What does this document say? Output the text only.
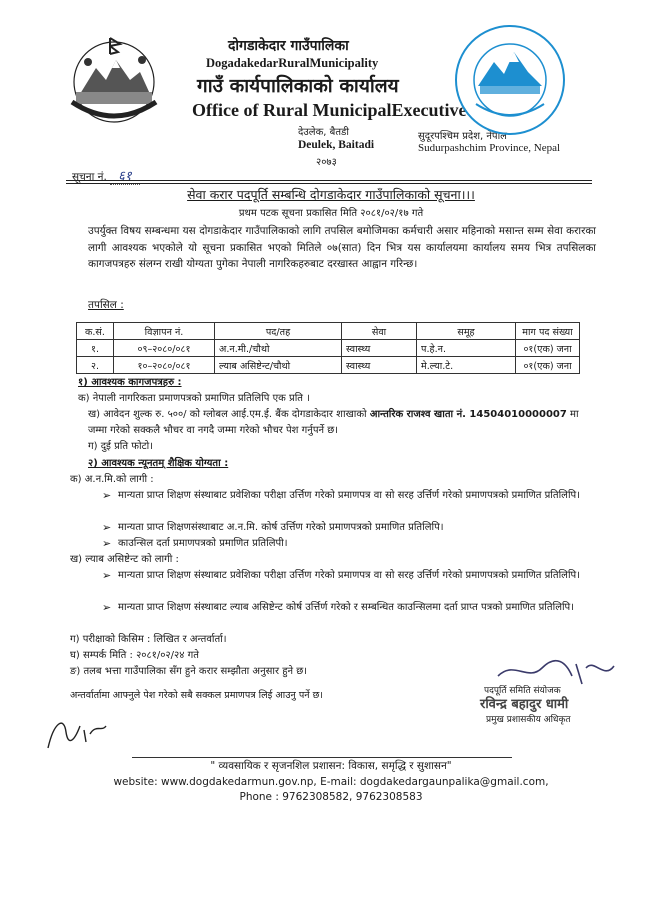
दोगडाकेदार गाउँपालिका
DogadakedarRuralMunicipality
गाउँ कार्यपालिकाको कार्यालय
Office of Rural MunicipalExecutive
देउलेक, बैतडी
Deulek, Baitadi
२०७३
सुदूरपश्चिम प्रदेश, नेपाल
Sudurpashchim Province, Nepal
सूचना नं. ६१
सेवा करार पदपूर्ति सम्बन्धि दोगडाकेदार गाउँपालिकाको सूचना।।।
प्रथम पटक सूचना प्रकासित मिति २०८१/०२/१७ गते
उपर्युक्त विषय सम्बन्धमा यस दोगडाकेदार गाउँपालिकाको लागि तपसिल बमोजिमका कर्मचारी असार महिनाको मसान्त सम्म सेवा करारका लागी आवश्यक भएकोले यो सूचना प्रकासित भएको मितिले ०७(सात) दिन भित्र यस कार्यालयमा कार्यालय समय भित्र तपसिलका कागजपत्रहरु संलग्न राखी योग्यता पुगेका नेपाली नागरिकहरुबाट दरखास्त आह्वान गरिन्छ।
तपसिल :
क.सं.	विज्ञापन नं.	पद/तह	सेवा	समूह	माग पद संख्या
१.	०९–२०८०/०८१	अ.न.मी./चौथो	स्वास्थ्य	प.हे.न.	०१(एक) जना
२.	१०–२०८०/०८१	ल्याब असिष्टेन्ट/चौथो	स्वास्थ्य	मे.ल्या.टे.	०१(एक) जना
१) आवश्यक कागजपत्रहरु :
क) नेपाली नागरिकता प्रमाणपत्रको प्रमाणित प्रतिलिपि एक प्रति ।
ख) आवेदन शुल्क रु. ५००/ को ग्लोबल आई.एम.ई. बैंक दोगडाकेदार शाखाको आन्तरिक राजश्व खाता नं. 14504010000007 मा जम्मा गरेको सक्कलै भौचर वा नगदै जम्मा गरेको भौचर पेश गर्नुपर्ने छ।
ग) दुई प्रति फोटो।
२) आवश्यक न्यूनतम् शैक्षिक योग्यता :
क) अ.न.मि.को लागी :
➢ मान्यता प्राप्त शिक्षण संस्थाबाट प्रवेशिका परीक्षा उर्त्तिण गरेको प्रमाणपत्र वा सो सरह उर्त्तिर्ण गरेको प्रमाणपत्रको प्रमाणित प्रतिलिपि।
➢ मान्यता प्राप्त शिक्षणसंस्थाबाट अ.न.मि. कोर्ष उर्त्तिण गरेको प्रमाणपत्रको प्रमाणित प्रतिलिपि।
➢ काउन्सिल दर्ता प्रमाणपत्रको प्रमाणित प्रतिलिपी।
ख) ल्याब असिष्टेन्ट को लागी :
➢ मान्यता प्राप्त शिक्षण संस्थाबाट प्रवेशिका परीक्षा उर्त्तिण गरेको प्रमाणपत्र वा सो सरह उर्त्तिर्ण गरेको प्रमाणपत्रको प्रमाणित प्रतिलिपि।
➢ मान्यता प्राप्त शिक्षण संस्थाबाट ल्याब असिष्टेन्ट कोर्ष उर्त्तिर्ण गरेको र सम्बन्धित काउन्सिलमा दर्ता प्राप्त पत्रको प्रमाणित प्रतिलिपि।
ग) परीक्षाको किसिम : लिखित र अन्तर्वार्ता।
घ) सम्पर्क मिति : २०८१/०२/२४ गते
ङ) तलब भत्ता गाउँपालिका सँग हुने करार सम्झौता अनुसार हुने छ।
अन्तर्वार्तामा आफ्नुले पेश गरेको सबै सक्कल प्रमाणपत्र लिई आउनु पर्ने छ।	पदपूर्ति समिति संयोजक
रविन्द्र बहादुर धामी
प्रमुख प्रशासकीय अधिकृत
" व्यवसायिक र सृजनशिल प्रशासन: विकास, समृद्धि र सुशासन"
website: www.dogdakedarmun.gov.np, E-mail: dogdakedargaunpalika@gmail.com,
Phone : 9762308582, 9762308583
